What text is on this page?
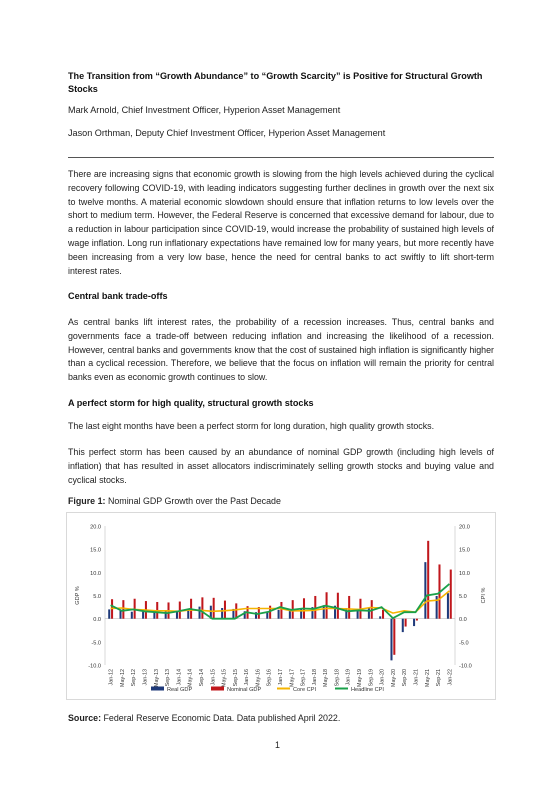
The Transition from “Growth Abundance” to “Growth Scarcity” is Positive for Structural Growth Stocks
Mark Arnold, Chief Investment Officer, Hyperion Asset Management
Jason Orthman, Deputy Chief Investment Officer, Hyperion Asset Management
There are increasing signs that economic growth is slowing from the high levels achieved during the cyclical recovery following COVID-19, with leading indicators suggesting further declines in growth over the next six to twelve months. A material economic slowdown should ensure that inflation returns to low levels over the short to medium term. However, the Federal Reserve is concerned that excessive demand for labour, due to a reduction in labour participation since COVID-19, would increase the probability of sustained high levels of wage inflation. Long run inflationary expectations have remained low for many years, but more recently have been increasing from a very low base, hence the need for central banks to act swiftly to lift short-term interest rates.
Central bank trade-offs
As central banks lift interest rates, the probability of a recession increases. Thus, central banks and governments face a trade-off between reducing inflation and increasing the likelihood of a recession. However, central banks and governments know that the cost of sustained high inflation is significantly higher than a cyclical recession. Therefore, we believe that the focus on inflation will remain the priority for central banks even as economic growth continues to slow.
A perfect storm for high quality, structural growth stocks
The last eight months have been a perfect storm for long duration, high quality growth stocks.
This perfect storm has been caused by an abundance of nominal GDP growth (including high levels of inflation) that has resulted in asset allocators indiscriminately selling growth stocks and buying value and cyclical stocks.
Figure 1: Nominal GDP Growth over the Past Decade
20.0	20.0
15.0	15.0
10.0	10.0
5.0	5.0
0.0	0.0
-5.0	-5.0
-10.0	-10.0
GDP %	CPI %
Jan-12 May-12 Sep-12 Jan-13 May-13 Sep-13 Jan-14 May-14 Sep-14 Jan-15 May-15 Sep-15 Jan-16 May-16 Sep-16 Jan-17 May-17 Sep-17 Jan-18 May-18 Sep-18 Jan-19 May-19 Sep-19 Jan-20 May-20 Sep-20 Jan-21 May-21 Sep-21 Jan-22
Real GDP	Nominal GDP	Core CPI	Headline CPI
Source: Federal Reserve Economic Data. Data published April 2022.
1
